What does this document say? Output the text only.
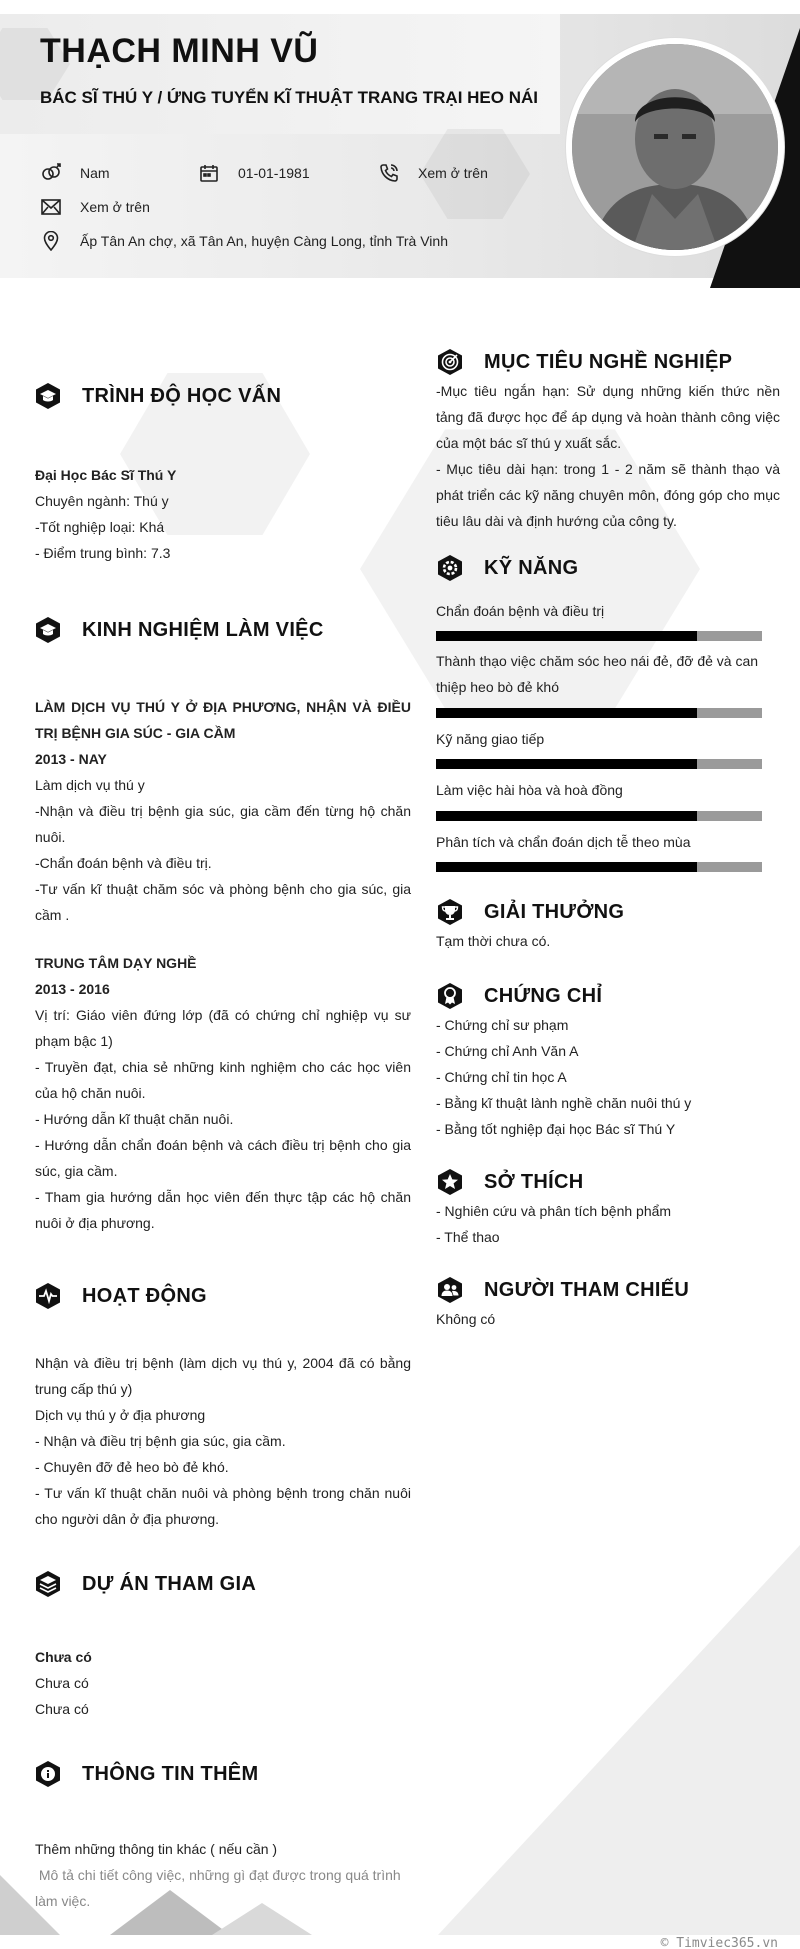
THẠCH MINH VŨ
BÁC SĨ THÚ Y / ỨNG TUYỂN KĨ THUẬT TRANG TRẠI HEO NÁI
Nam	01-01-1981	Xem ở trên
Xem ở trên
Ấp Tân An chợ, xã Tân An, huyện Càng Long, tỉnh Trà Vinh
TRÌNH ĐỘ HỌC VẤN
Đại Học Bác Sĩ Thú Y
Chuyên ngành: Thú y
-Tốt nghiệp loại: Khá
- Điểm trung bình: 7.3
KINH NGHIỆM LÀM VIỆC
LÀM DỊCH VỤ THÚ Y Ở ĐỊA PHƯƠNG, NHẬN VÀ ĐIỀU TRỊ BỆNH GIA SÚC - GIA CẦM
2013 - NAY
Làm dịch vụ thú y
-Nhận và điều trị bệnh gia súc, gia cầm đến từng hộ chăn nuôi.
-Chẩn đoán bệnh và điều trị.
-Tư vấn kĩ thuật chăm sóc và phòng bệnh cho gia súc, gia cầm .
TRUNG TÂM DẠY NGHỀ
2013 - 2016
Vị trí: Giáo viên đứng lớp (đã có chứng chỉ nghiệp vụ sư phạm bậc 1)
- Truyền đạt, chia sẻ những kinh nghiệm cho các học viên của hộ chăn nuôi.
- Hướng dẫn kĩ thuật chăn nuôi.
- Hướng dẫn chẩn đoán bệnh và cách điều trị bệnh cho gia súc, gia cầm.
- Tham gia hướng dẫn học viên đến thực tập các hộ chăn nuôi ở địa phương.
HOẠT ĐỘNG
Nhận và điều trị bệnh (làm dịch vụ thú y, 2004 đã có bằng trung cấp thú y)
Dịch vụ thú y ở địa phương
- Nhận và điều trị bệnh gia súc, gia cầm.
- Chuyên đỡ đẻ heo bò đẻ khó.
- Tư vấn kĩ thuật chăn nuôi và phòng bệnh trong chăn nuôi cho người dân ở địa phương.
DỰ ÁN THAM GIA
Chưa có
Chưa có
Chưa có
THÔNG TIN THÊM
Thêm những thông tin khác ( nếu cần )
Mô tả chi tiết công việc, những gì đạt được trong quá trình làm việc.
MỤC TIÊU NGHỀ NGHIỆP
-Mục tiêu ngắn hạn: Sử dụng những kiến thức nền tảng đã được học để áp dụng và hoàn thành công việc của một bác sĩ thú y xuất sắc.
- Mục tiêu dài hạn: trong 1 - 2 năm sẽ thành thạo và phát triển các kỹ năng chuyên môn, đóng góp cho mục tiêu lâu dài và định hướng của công ty.
KỸ NĂNG
Chẩn đoán bệnh và điều trị
Thành thạo việc chăm sóc heo nái đẻ, đỡ đẻ và can thiệp heo bò đẻ khó
Kỹ năng giao tiếp
Làm việc hài hòa và hoà đồng
Phân tích và chẩn đoán dịch tễ theo mùa
GIẢI THƯỞNG
Tạm thời chưa có.
CHỨNG CHỈ
- Chứng chỉ sư phạm
- Chứng chỉ Anh Văn A
- Chứng chỉ tin học A
- Bằng kĩ thuật lành nghề chăn nuôi thú y
- Bằng tốt nghiệp đại học Bác sĩ Thú Y
SỞ THÍCH
- Nghiên cứu và phân tích bệnh phẩm
- Thể thao
NGƯỜI THAM CHIẾU
Không có
© Timviec365.vn
